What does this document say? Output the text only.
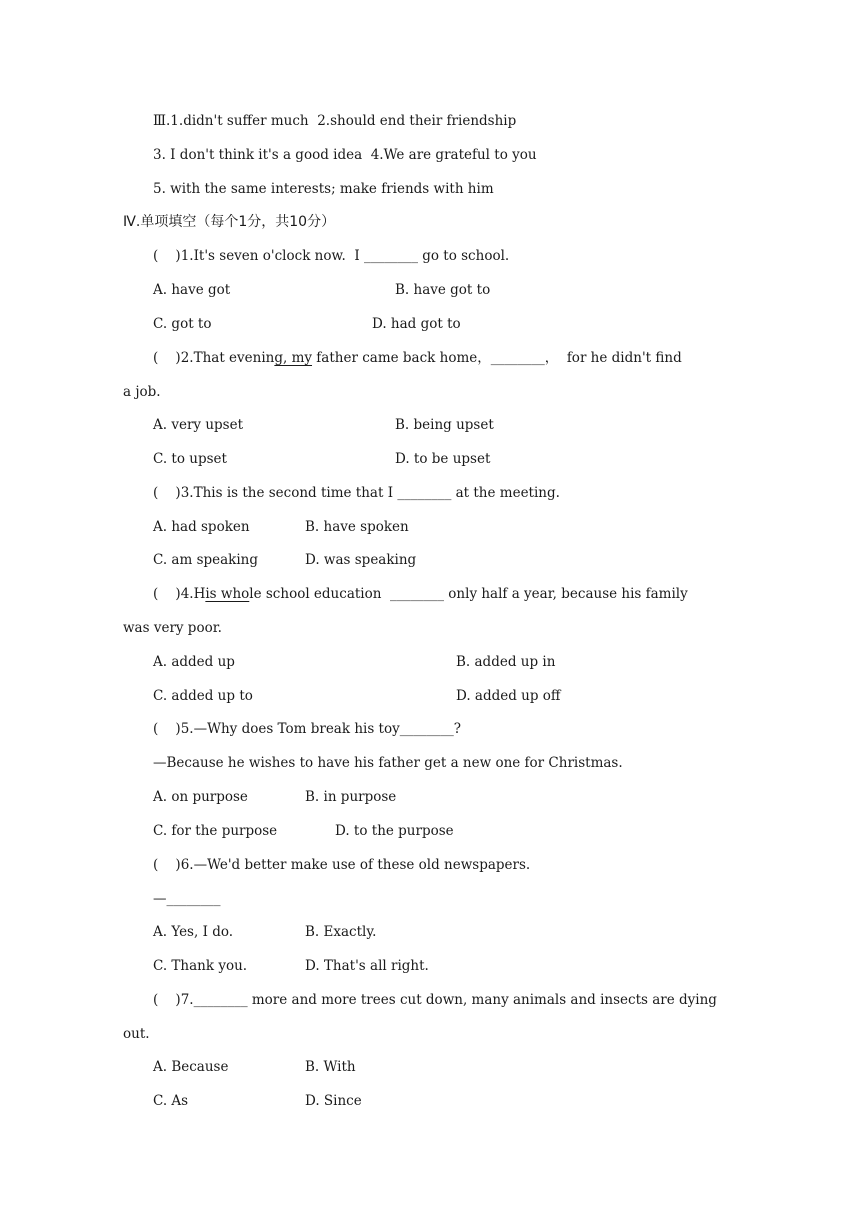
Ⅲ.1.didn't suffer much  2.should end their friendship
3. I don't think it's a good idea  4.We are grateful to you
5. with the same interests; make friends with him
Ⅳ.单项填空（每个1分，共10分）
(    )1.It's seven o'clock now.  I ________ go to school.
A. have got	B. have got to
C. got to	D. had got to
(    )2.That evening, my father came back home，________，  for he didn't find
a job.
A. very upset	B. being upset
C. to upset	D. to be upset
(    )3.This is the second time that I ________ at the meeting.
A. had spoken	B. have spoken
C. am speaking	D. was speaking
(    )4.His whole school education  ________ only half a year, because his family
was very poor.
A. added up	B. added up in
C. added up to	D. added up off
(    )5.—Why does Tom break his toy________?
—Because he wishes to have his father get a new one for Christmas.
A. on purpose	B. in purpose
C. for the purpose	D. to the purpose
(    )6.—We'd better make use of these old newspapers.
—________
A. Yes, I do.	B. Exactly.
C. Thank you.	D. That's all right.
(    )7.________ more and more trees cut down, many animals and insects are dying
out.
A. Because	B. With
C. As	D. Since
